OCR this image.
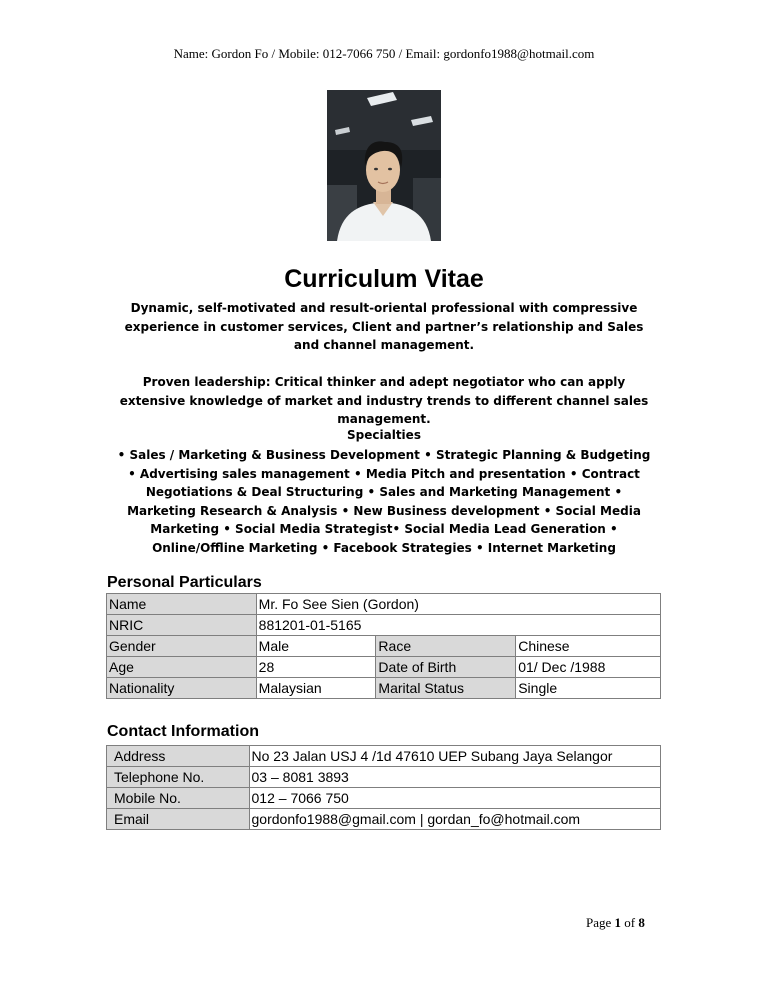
Name: Gordon Fo / Mobile: 012-7066 750 / Email: gordonfo1988@hotmail.com
Curriculum Vitae

Dynamic, self-motivated and result-oriental professional with compressive experience in customer services, Client and partner’s relationship and Sales and channel management.

Proven leadership: Critical thinker and adept negotiator who can apply extensive knowledge of market and industry trends to different channel sales management.

Specialties

• Sales / Marketing & Business Development • Strategic Planning & Budgeting • Advertising sales management • Media Pitch and presentation • Contract Negotiations & Deal Structuring • Sales and Marketing Management • Marketing Research & Analysis • New Business development • Social Media Marketing • Social Media Strategist• Social Media Lead Generation • Online/Offline Marketing • Facebook Strategies • Internet Marketing

Personal Particulars
Name	Mr. Fo See Sien (Gordon)		
NRIC	881201-01-5165		
Gender	Male	Race	Chinese
Age	28	Date of Birth	01/ Dec /1988
Nationality	Malaysian	Marital Status	Single
Contact Information
Address	No 23 Jalan USJ 4 /1d 47610 UEP Subang Jaya Selangor
Telephone No.	03 – 8081 3893
Mobile No.	012 – 7066 750
Email	gordonfo1988@gmail.com | gordan_fo@hotmail.com
Page 1 of 8
